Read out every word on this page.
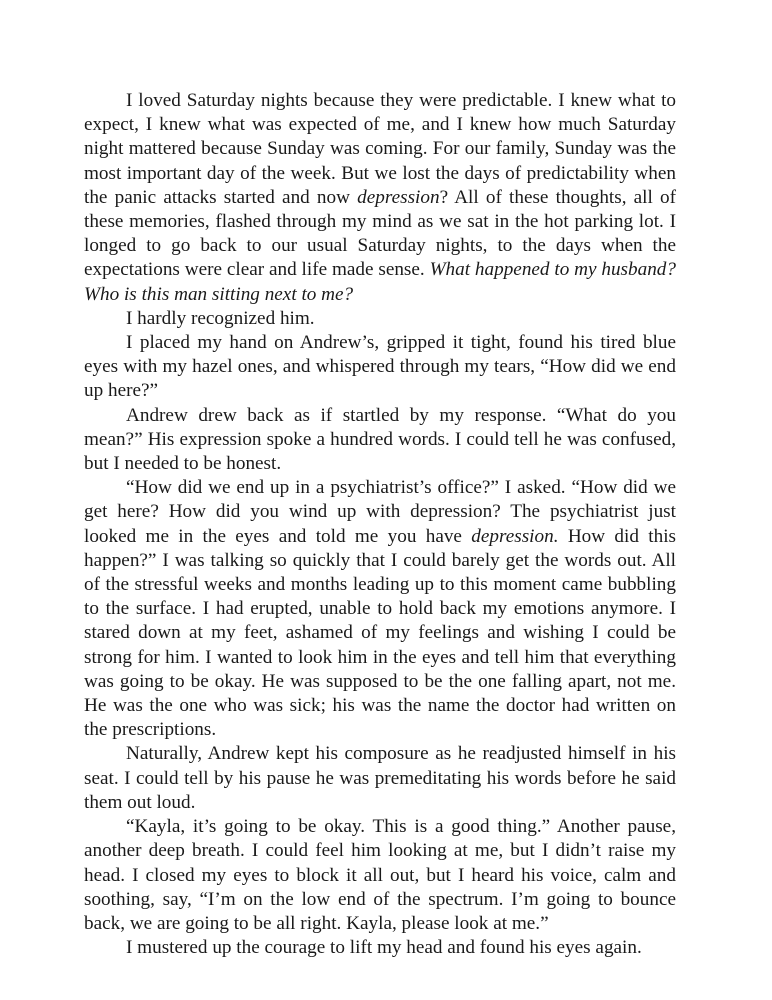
I loved Saturday nights because they were predictable. I knew what to expect, I knew what was expected of me, and I knew how much Saturday night mattered because Sunday was coming. For our family, Sunday was the most important day of the week. But we lost the days of predictability when the panic attacks started and now depression? All of these thoughts, all of these memories, flashed through my mind as we sat in the hot parking lot. I longed to go back to our usual Saturday nights, to the days when the expectations were clear and life made sense. What happened to my husband? Who is this man sitting next to me?

I hardly recognized him.

I placed my hand on Andrew’s, gripped it tight, found his tired blue eyes with my hazel ones, and whispered through my tears, “How did we end up here?”

Andrew drew back as if startled by my response. “What do you mean?” His expression spoke a hundred words. I could tell he was confused, but I needed to be honest.

“How did we end up in a psychiatrist’s office?” I asked. “How did we get here? How did you wind up with depression? The psychiatrist just looked me in the eyes and told me you have depression. How did this happen?” I was talking so quickly that I could barely get the words out. All of the stressful weeks and months leading up to this moment came bubbling to the surface. I had erupted, unable to hold back my emotions anymore. I stared down at my feet, ashamed of my feelings and wishing I could be strong for him. I wanted to look him in the eyes and tell him that everything was going to be okay. He was supposed to be the one falling apart, not me. He was the one who was sick; his was the name the doctor had written on the prescriptions.

Naturally, Andrew kept his composure as he readjusted himself in his seat. I could tell by his pause he was premeditating his words before he said them out loud.

“Kayla, it’s going to be okay. This is a good thing.” Another pause, another deep breath. I could feel him looking at me, but I didn’t raise my head. I closed my eyes to block it all out, but I heard his voice, calm and soothing, say, “I’m on the low end of the spectrum. I’m going to bounce back, we are going to be all right. Kayla, please look at me.”

I mustered up the courage to lift my head and found his eyes again.
